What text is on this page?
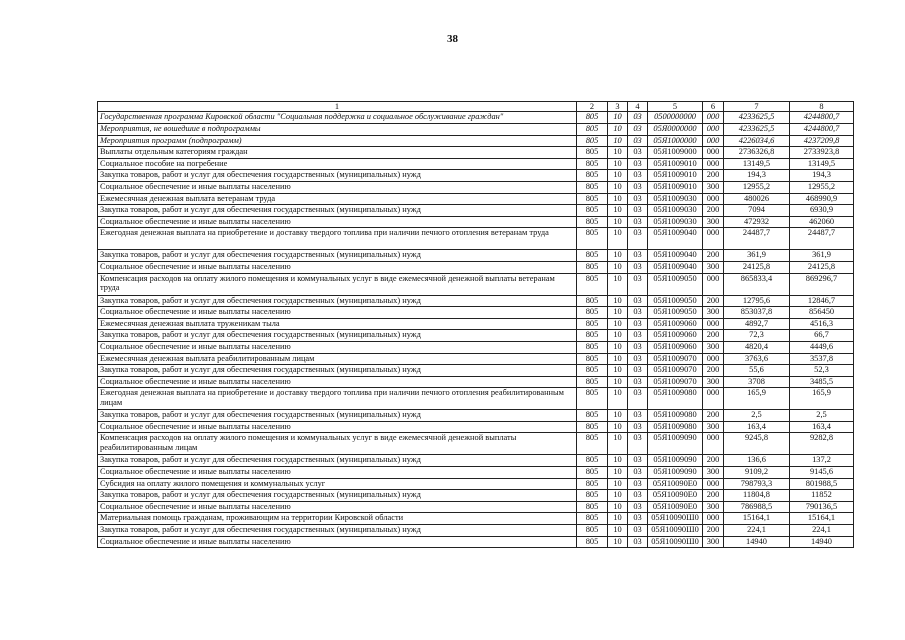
38
1	2	3	4	5	6	7	8
Государственная программа Кировской области "Социальная поддержка и социальное обслуживание граждан"	805	10	03	0500000000	000	4233625,5	4244800,7
Мероприятия, не вошедшие в подпрограммы	805	10	03	05Я0000000	000	4233625,5	4244800,7
Мероприятия программ (подпрограмм)	805	10	03	05Я1000000	000	4226034,6	4237209,8
Выплаты отдельным категориям граждан	805	10	03	05Я1009000	000	2736326,8	2733923,8
Социальное пособие на погребение	805	10	03	05Я1009010	000	13149,5	13149,5
Закупка товаров, работ и услуг для обеспечения государственных (муниципальных) нужд	805	10	03	05Я1009010	200	194,3	194,3
Социальное обеспечение и иные выплаты населению	805	10	03	05Я1009010	300	12955,2	12955,2
Ежемесячная денежная выплата ветеранам труда	805	10	03	05Я1009030	000	480026	468990,9
Закупка товаров, работ и услуг для обеспечения государственных (муниципальных) нужд	805	10	03	05Я1009030	200	7094	6930,9
Социальное обеспечение и иные выплаты населению	805	10	03	05Я1009030	300	472932	462060
Ежегодная денежная выплата на приобретение и доставку твердого топлива при наличии печного отопления ветеранам труда	805	10	03	05Я1009040	000	24487,7	24487,7
Закупка товаров, работ и услуг для обеспечения государственных (муниципальных) нужд	805	10	03	05Я1009040	200	361,9	361,9
Социальное обеспечение и иные выплаты населению	805	10	03	05Я1009040	300	24125,8	24125,8
Компенсация расходов на оплату жилого помещения и коммунальных услуг в виде ежемесячной денежной выплаты ветеранам труда	805	10	03	05Я1009050	000	865833,4	869296,7
Закупка товаров, работ и услуг для обеспечения государственных (муниципальных) нужд	805	10	03	05Я1009050	200	12795,6	12846,7
Социальное обеспечение и иные выплаты населению	805	10	03	05Я1009050	300	853037,8	856450
Ежемесячная денежная выплата труженикам тыла	805	10	03	05Я1009060	000	4892,7	4516,3
Закупка товаров, работ и услуг для обеспечения государственных (муниципальных) нужд	805	10	03	05Я1009060	200	72,3	66,7
Социальное обеспечение и иные выплаты населению	805	10	03	05Я1009060	300	4820,4	4449,6
Ежемесячная денежная выплата реабилитированным лицам	805	10	03	05Я1009070	000	3763,6	3537,8
Закупка товаров, работ и услуг для обеспечения государственных (муниципальных) нужд	805	10	03	05Я1009070	200	55,6	52,3
Социальное обеспечение и иные выплаты населению	805	10	03	05Я1009070	300	3708	3485,5
Ежегодная денежная выплата на приобретение и доставку твердого топлива при наличии печного отопления реабилитированным лицам	805	10	03	05Я1009080	000	165,9	165,9
Закупка товаров, работ и услуг для обеспечения государственных (муниципальных) нужд	805	10	03	05Я1009080	200	2,5	2,5
Социальное обеспечение и иные выплаты населению	805	10	03	05Я1009080	300	163,4	163,4
Компенсация расходов на оплату жилого помещения и коммунальных услуг в виде ежемесячной денежной выплаты реабилитированным лицам	805	10	03	05Я1009090	000	9245,8	9282,8
Закупка товаров, работ и услуг для обеспечения государственных (муниципальных) нужд	805	10	03	05Я1009090	200	136,6	137,2
Социальное обеспечение и иные выплаты населению	805	10	03	05Я1009090	300	9109,2	9145,6
Субсидия на оплату жилого помещения и коммунальных услуг	805	10	03	05Я10090Е0	000	798793,3	801988,5
Закупка товаров, работ и услуг для обеспечения государственных (муниципальных) нужд	805	10	03	05Я10090Е0	200	11804,8	11852
Социальное обеспечение и иные выплаты населению	805	10	03	05Я10090Е0	300	786988,5	790136,5
Материальная помощь гражданам, проживающим на территории Кировской области	805	10	03	05Я10090Ш0	000	15164,1	15164,1
Закупка товаров, работ и услуг для обеспечения государственных (муниципальных) нужд	805	10	03	05Я10090Ш0	200	224,1	224,1
Социальное обеспечение и иные выплаты населению	805	10	03	05Я10090Ш0	300	14940	14940
